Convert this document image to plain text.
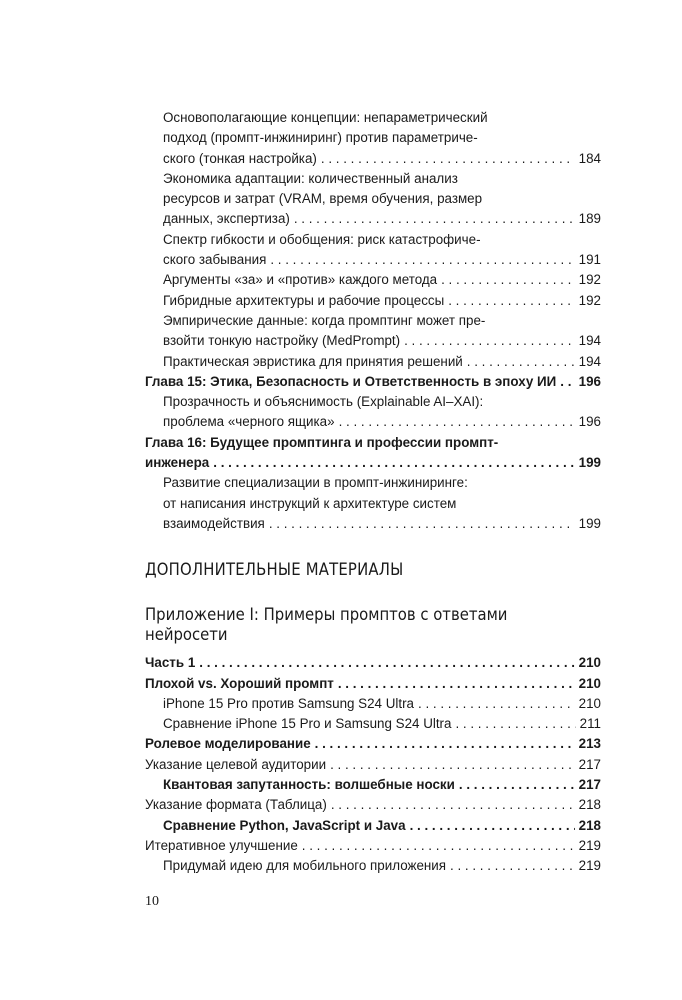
Основополагающие концепции: непараметрический
подход (промпт-инжиниринг) против параметриче-
ского (тонкая настройка) . . .	184
Экономика адаптации: количественный анализ
ресурсов и затрат (VRAM, время обучения, размер
данных, экспертиза) . . .	189
Спектр гибкости и обобщения: риск катастрофиче-
ского забывания . . .	191
Аргументы «за» и «против» каждого метода . . .	192
Гибридные архитектуры и рабочие процессы . . .	192
Эмпирические данные: когда промптинг может пре-
взойти тонкую настройку (MedPrompt) . . .	194
Практическая эвристика для принятия решений . . .	194
Глава 15: Этика, Безопасность и Ответственность в эпоху ИИ . . . 196
Прозрачность и объяснимость (Explainable AI–XAI):
проблема «черного ящика» . . .	196
Глава 16: Будущее промптинга и профессии промпт-
инженера . . .	199
Развитие специализации в промпт-инжиниринге:
от написания инструкций к архитектуре систем
взаимодействия . . .	199
ДОПОЛНИТЕЛЬНЫЕ МАТЕРИАЛЫ
Приложение I: Примеры промптов с ответами
нейросети
Часть 1 . . .	210
Плохой vs. Хороший промпт . . .	210
iPhone 15 Pro против Samsung S24 Ultra . . .	210
Сравнение iPhone 15 Pro и Samsung S24 Ultra . . .	211
Ролевое моделирование . . .	213
Указание целевой аудитории . . .	217
Квантовая запутанность: волшебные носки . . .	217
Указание формата (Таблица) . . .	218
Сравнение Python, JavaScript и Java . . .	218
Итеративное улучшение . . .	219
Придумай идею для мобильного приложения . . .	219
10
